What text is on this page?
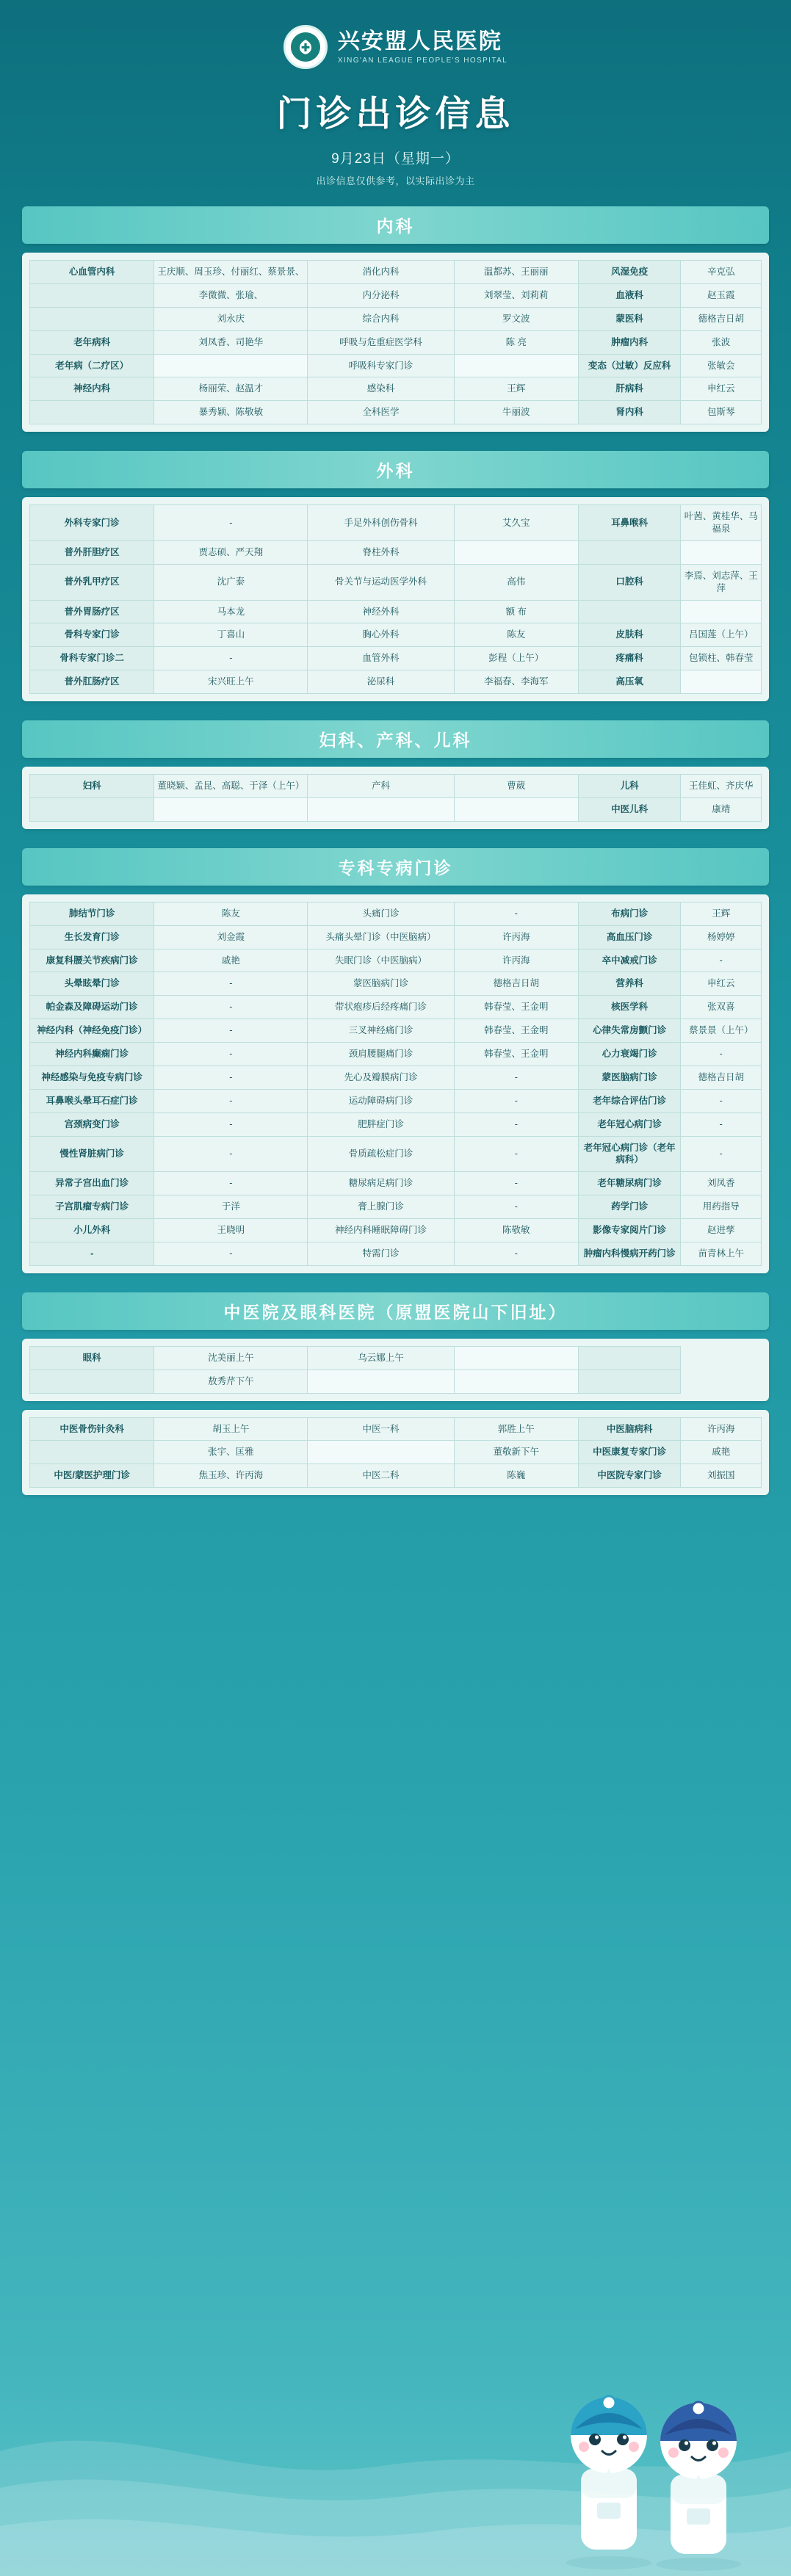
兴安盟人民医院
XING'AN LEAGUE PEOPLE'S HOSPITAL
门诊出诊信息
9月23日（星期一）
出诊信息仅供参考，以实际出诊为主
内科
心血管内科	王庆顺、周玉珍、付丽红、蔡景景、	消化内科	温都苏、王丽丽	风湿免疫	辛克弘
	李微微、张瑜、	内分泌科	刘翠莹、刘莉莉	血液科	赵玉霞
	刘永庆	综合内科	罗文波	蒙医科	德格吉日胡
老年病科	刘凤香、司艳华	呼吸与危重症医学科	陈 亮	肿瘤内科	张波
老年病（二疗区）		呼吸科专家门诊		变态（过敏）反应科	张敏会
神经内科	杨丽荣、赵温才	感染科	王辉	肝病科	申红云
	暴秀颖、陈敬敏	全科医学	牛丽波	肾内科	包斯琴
外科
外科专家门诊	-	手足外科创伤骨科	艾久宝	耳鼻喉科	叶茜、黄桂华、马福泉
普外肝胆疗区	贾志硕、严天翔	脊柱外科			
普外乳甲疗区	沈广泰	骨关节与运动医学外科	高伟	口腔科	李焉、刘志萍、王萍
普外胃肠疗区	马本龙	神经外科	额 布		
骨科专家门诊	丁喜山	胸心外科	陈友	皮肤科	吕国莲（上午）
骨科专家门诊二	-	血管外科	彭程（上午）	疼痛科	包锁柱、韩春莹
普外肛肠疗区	宋兴旺上午	泌尿科	李福春、李海军	高压氧	
妇科、产科、儿科
妇科	董晓颖、孟昆、高聪、于泽（上午）	产科	曹葳	儿科	王佳虹、齐庆华
				中医儿科	康靖
专科专病门诊
肺结节门诊	陈友	头痛门诊	-	布病门诊	王辉
生长发育门诊	刘金霞	头痛头晕门诊（中医脑病）	许丙海	高血压门诊	杨婷婷
康复科腰关节疾病门诊	戚艳	失眠门诊（中医脑病）	许丙海	卒中减戒门诊	-
头晕眩晕门诊	-	蒙医脑病门诊	德格吉日胡	营养科	申红云
帕金森及障碍运动门诊	-	带状疱疹后经疼痛门诊	韩春莹、王金明	核医学科	张双喜
神经内科（神经免疫门诊）	-	三叉神经痛门诊	韩春莹、王金明	心律失常房颤门诊	蔡景景（上午）
神经内科癫痫门诊	-	颈肩腰腿痛门诊	韩春莹、王金明	心力衰竭门诊	-
神经感染与免疫专病门诊	-	先心及瓣膜病门诊	-	蒙医脑病门诊	德格吉日胡
耳鼻喉头晕耳石症门诊	-	运动障碍病门诊	-	老年综合评估门诊	-
宫颈病变门诊	-	肥胖症门诊	-	老年冠心病门诊	-
慢性肾脏病门诊	-	骨质疏松症门诊	-	老年冠心病门诊（老年病科）	-
异常子宫出血门诊	-	糖尿病足病门诊	-	老年糖尿病门诊	刘凤香
子宫肌瘤专病门诊	于洋	膏上腺门诊	-	药学门诊	用药指导
小儿外科	王晓明	神经内科睡眠障碍门诊	陈敬敏	影像专家阅片门诊	赵进孳
-	-	特需门诊	-	肿瘤内科慢病开药门诊	苗青林上午
中医院及眼科医院（原盟医院山下旧址）
眼科	沈美丽上午	乌云娜上午		
	敖秀芹下午			
中医骨伤针灸科	胡玉上午	中医一科	郭胜上午	中医脑病科	许丙海
	张宇、匡雅		董敬新下午	中医康复专家门诊	戚艳
中医/蒙医护理门诊	焦玉珍、许丙海	中医二科	陈巍	中医院专家门诊	刘振国
